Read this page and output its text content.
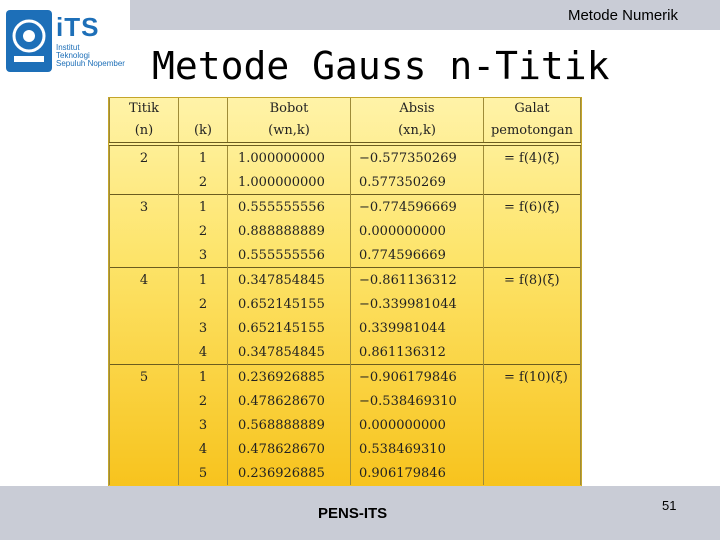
Metode Numerik
iTS
Institut
Teknologi
Sepuluh Nopember Metode Gauss n-Titik
Titik		Bobot	Absis	Galat
(n)	(k)	(wn,k)	(xn,k)	pemotongan
2	1	1.000000000	−0.577350269	= f(4)(ξ)
	2	1.000000000	0.577350269	
3	1	0.555555556	−0.774596669	= f(6)(ξ)
	2	0.888888889	0.000000000	
	3	0.555555556	0.774596669	
4	1	0.347854845	−0.861136312	= f(8)(ξ)
	2	0.652145155	−0.339981044	
	3	0.652145155	0.339981044	
	4	0.347854845	0.861136312	
5	1	0.236926885	−0.906179846	= f(10)(ξ)
	2	0.478628670	−0.538469310	
	3	0.568888889	0.000000000	
	4	0.478628670	0.538469310	
	5	0.236926885	0.906179846	
PENS-ITS	51
